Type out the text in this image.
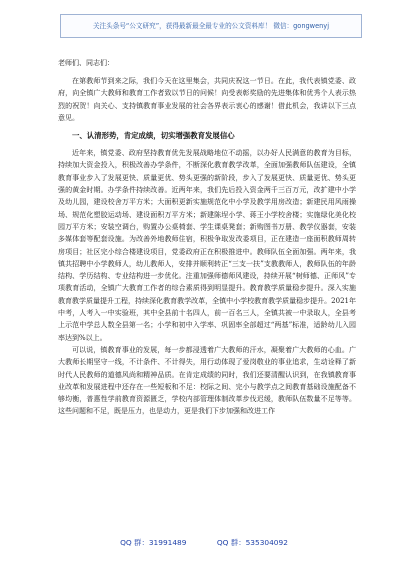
关注头条号“公文研究”，获得最新最全最专业的公文资料库！ 微信：gongwenyj
老师们、同志们：

在第教师节到来之际，我们今天在这里集会，共同庆祝这一节日。在此，我代表镇党委、政府，向全镇广大教师和教育工作者致以节日的问候！向受表彰奖励的先进集体和优秀个人表示热烈的祝贺！向关心、支持镇教育事业发展的社会各界表示衷心的感谢！借此机会，我讲以下三点意见。

一、认清形势，肯定成绩，切实增强教育发展信心

近年来，镇党委、政府坚持教育优先发展战略地位不动摇，以办好人民满意的教育为目标，持续加大资金投入，积极改善办学条件，不断深化教育教学改革，全面加强教师队伍建设，全镇教育事业步入了发展更快、质量更优、势头更强的新阶段，步入了发展更快、质量更优、势头更强的黄金时期。办学条件持续改善。近两年来，我们先后投入资金两千三百万元，改扩建中小学及幼儿园，建设校舍万平方米；大面积更新实施规范化中小学及教学用房改造；新建民用风雨操场、规范化塑胶运动场、建设面积万平方米；新建陈埕小学、蒋王小学校舍楼；实施绿化美化校园万平方米；安装空调台，购置办公桌椅套、学生课桌凳套；新购图书万册、教学仪器套，安装多媒体套等配套设施。为改善外地教师住宿，积极争取发改委项目，正在建造一座面积教师周转房项目；社区完小综合楼建设项目，党委政府正在积极推进中。教师队伍全面加强。两年来，我镇共招聘中小学教师人，幼儿教师人，安排并顺利转正“三支一扶”支教教师人，教师队伍的年龄结构、学历结构、专业结构进一步优化。注重加强师德师风建设，持续开展“树师德、正师风”专项教育活动，全镇广大教育工作者的综合素质得到明显提升。教育教学质量稳步提升。深入实施教育教学质量提升工程，持续深化教育教学改革，全镇中小学校教育教学质量稳步提升。2021年中考，人考入一中实验班，其中全县前十名四人，前一百名三人，全镇共被一中录取人，全县考上示范中学总人数全县第一名；小学和初中入学率、巩固率全部超过“两基”标准，适龄幼儿入园率达到%以上。

可以说，镇教育事业的发展，每一步都浸透着广大教师的汗水，凝聚着广大教师的心血。广大教师长期坚守一线，不计条件、不计得失，用行动体现了爱岗敬业的事业追求，生动诠释了新时代人民教师的道德风尚和精神品质。在肯定成绩的同时，我们还要清醒认识到，在我镇教育事业改革和发展进程中还存在一些短板和不足：校际之间、完小与教学点之间教育基础设施配备不够均衡，普惠性学前教育资源匮乏，学校内部管理体制改革步伐迟缓，教师队伍数量不足等等。这些问题和不足，既是压力，也是动力，更是我们下步加强和改进工作

QQ 群：31991489	QQ 群：535304092
